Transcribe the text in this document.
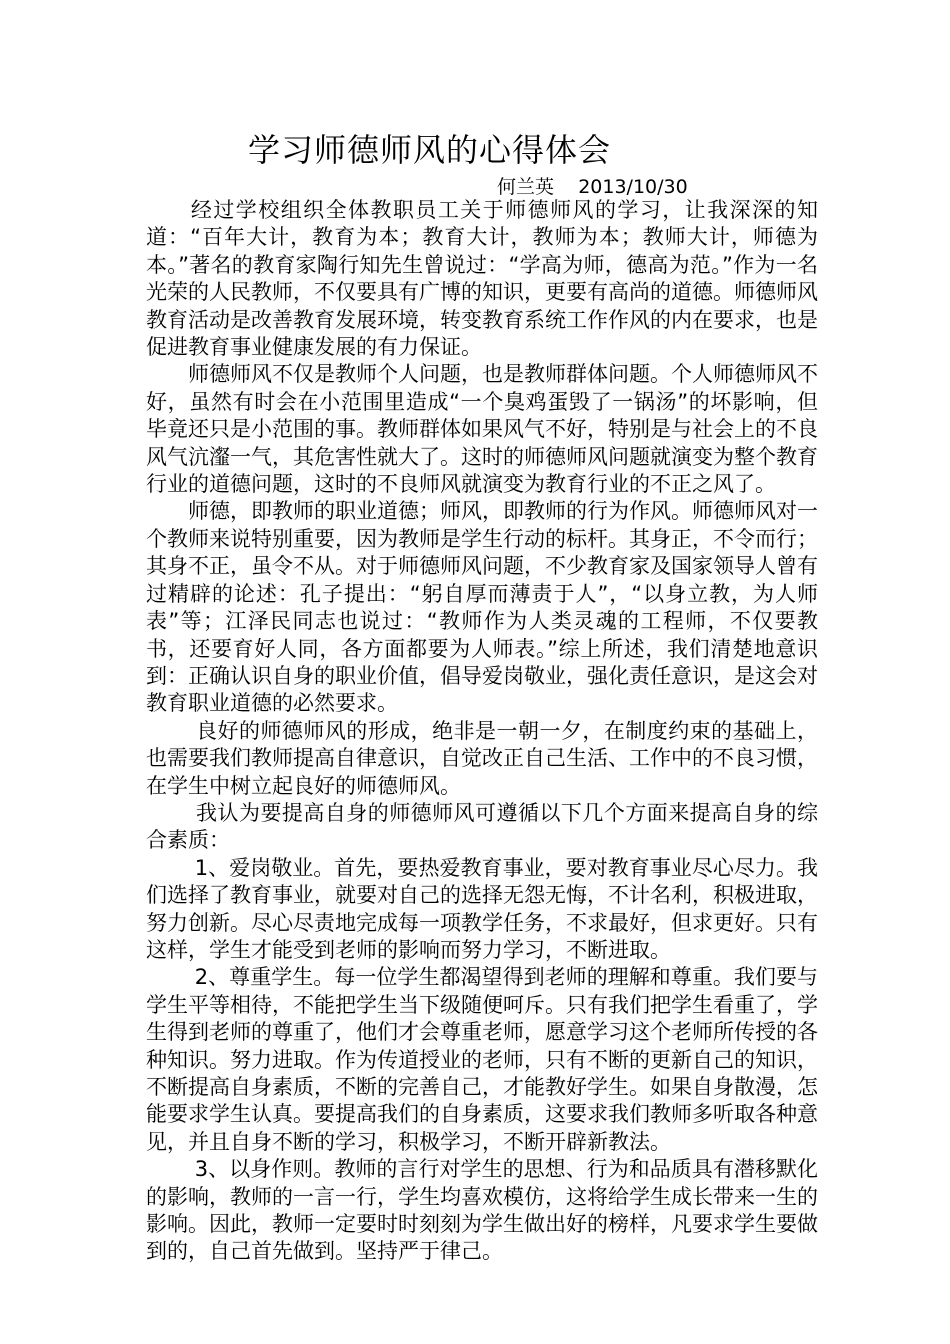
学习师德师风的心得体会
何兰英 2013/10/30

　　经过学校组织全体教职员工关于师德师风的学习，让我深深的知道：“百年大计，教育为本；教育大计，教师为本；教师大计，师德为本。”著名的教育家陶行知先生曾说过：“学高为师，德高为范。”作为一名光荣的人民教师，不仅要具有广博的知识，更要有高尚的道德。师德师风教育活动是改善教育发展环境，转变教育系统工作作风的内在要求，也是促进教育事业健康发展的有力保证。

　　师德师风不仅是教师个人问题，也是教师群体问题。个人师德师风不好，虽然有时会在小范围里造成“一个臭鸡蛋毁了一锅汤”的坏影响，但毕竟还只是小范围的事。教师群体如果风气不好，特别是与社会上的不良风气沆瀣一气，其危害性就大了。这时的师德师风问题就演变为整个教育行业的道德问题，这时的不良师风就演变为教育行业的不正之风了。

　　师德，即教师的职业道德；师风，即教师的行为作风。师德师风对一个教师来说特别重要，因为教师是学生行动的标杆。其身正，不令而行；其身不正，虽令不从。对于师德师风问题，不少教育家及国家领导人曾有过精辟的论述：孔子提出：“躬自厚而薄责于人”，“以身立教，为人师表”等；江泽民同志也说过：“教师作为人类灵魂的工程师，不仅要教书，还要育好人同，各方面都要为人师表。”综上所述，我们清楚地意识到：正确认识自身的职业价值，倡导爱岗敬业，强化责任意识，是这会对教育职业道德的必然要求。

　　 良好的师德师风的形成，绝非是一朝一夕，在制度约束的基础上，也需要我们教师提高自律意识，自觉改正自己生活、工作中的不良习惯，在学生中树立起良好的师德师风。

　　 我认为要提高自身的师德师风可遵循以下几个方面来提高自身的综合素质：

　　 1、爱岗敬业。首先，要热爱教育事业，要对教育事业尽心尽力。我们选择了教育事业，就要对自己的选择无怨无悔，不计名利，积极进取，努力创新。尽心尽责地完成每一项教学任务，不求最好，但求更好。只有这样，学生才能受到老师的影响而努力学习，不断进取。

　　 2、尊重学生。每一位学生都渴望得到老师的理解和尊重。我们要与学生平等相待，不能把学生当下级随便呵斥。只有我们把学生看重了，学生得到老师的尊重了，他们才会尊重老师，愿意学习这个老师所传授的各种知识。努力进取。作为传道授业的老师，只有不断的更新自己的知识，不断提高自身素质，不断的完善自己，才能教好学生。如果自身散漫，怎能要求学生认真。要提高我们的自身素质，这要求我们教师多听取各种意见，并且自身不断的学习，积极学习，不断开辟新教法。

　　 3、以身作则。教师的言行对学生的思想、行为和品质具有潜移默化的影响，教师的一言一行，学生均喜欢模仿，这将给学生成长带来一生的影响。因此，教师一定要时时刻刻为学生做出好的榜样，凡要求学生要做到的，自己首先做到。坚持严于律己。
